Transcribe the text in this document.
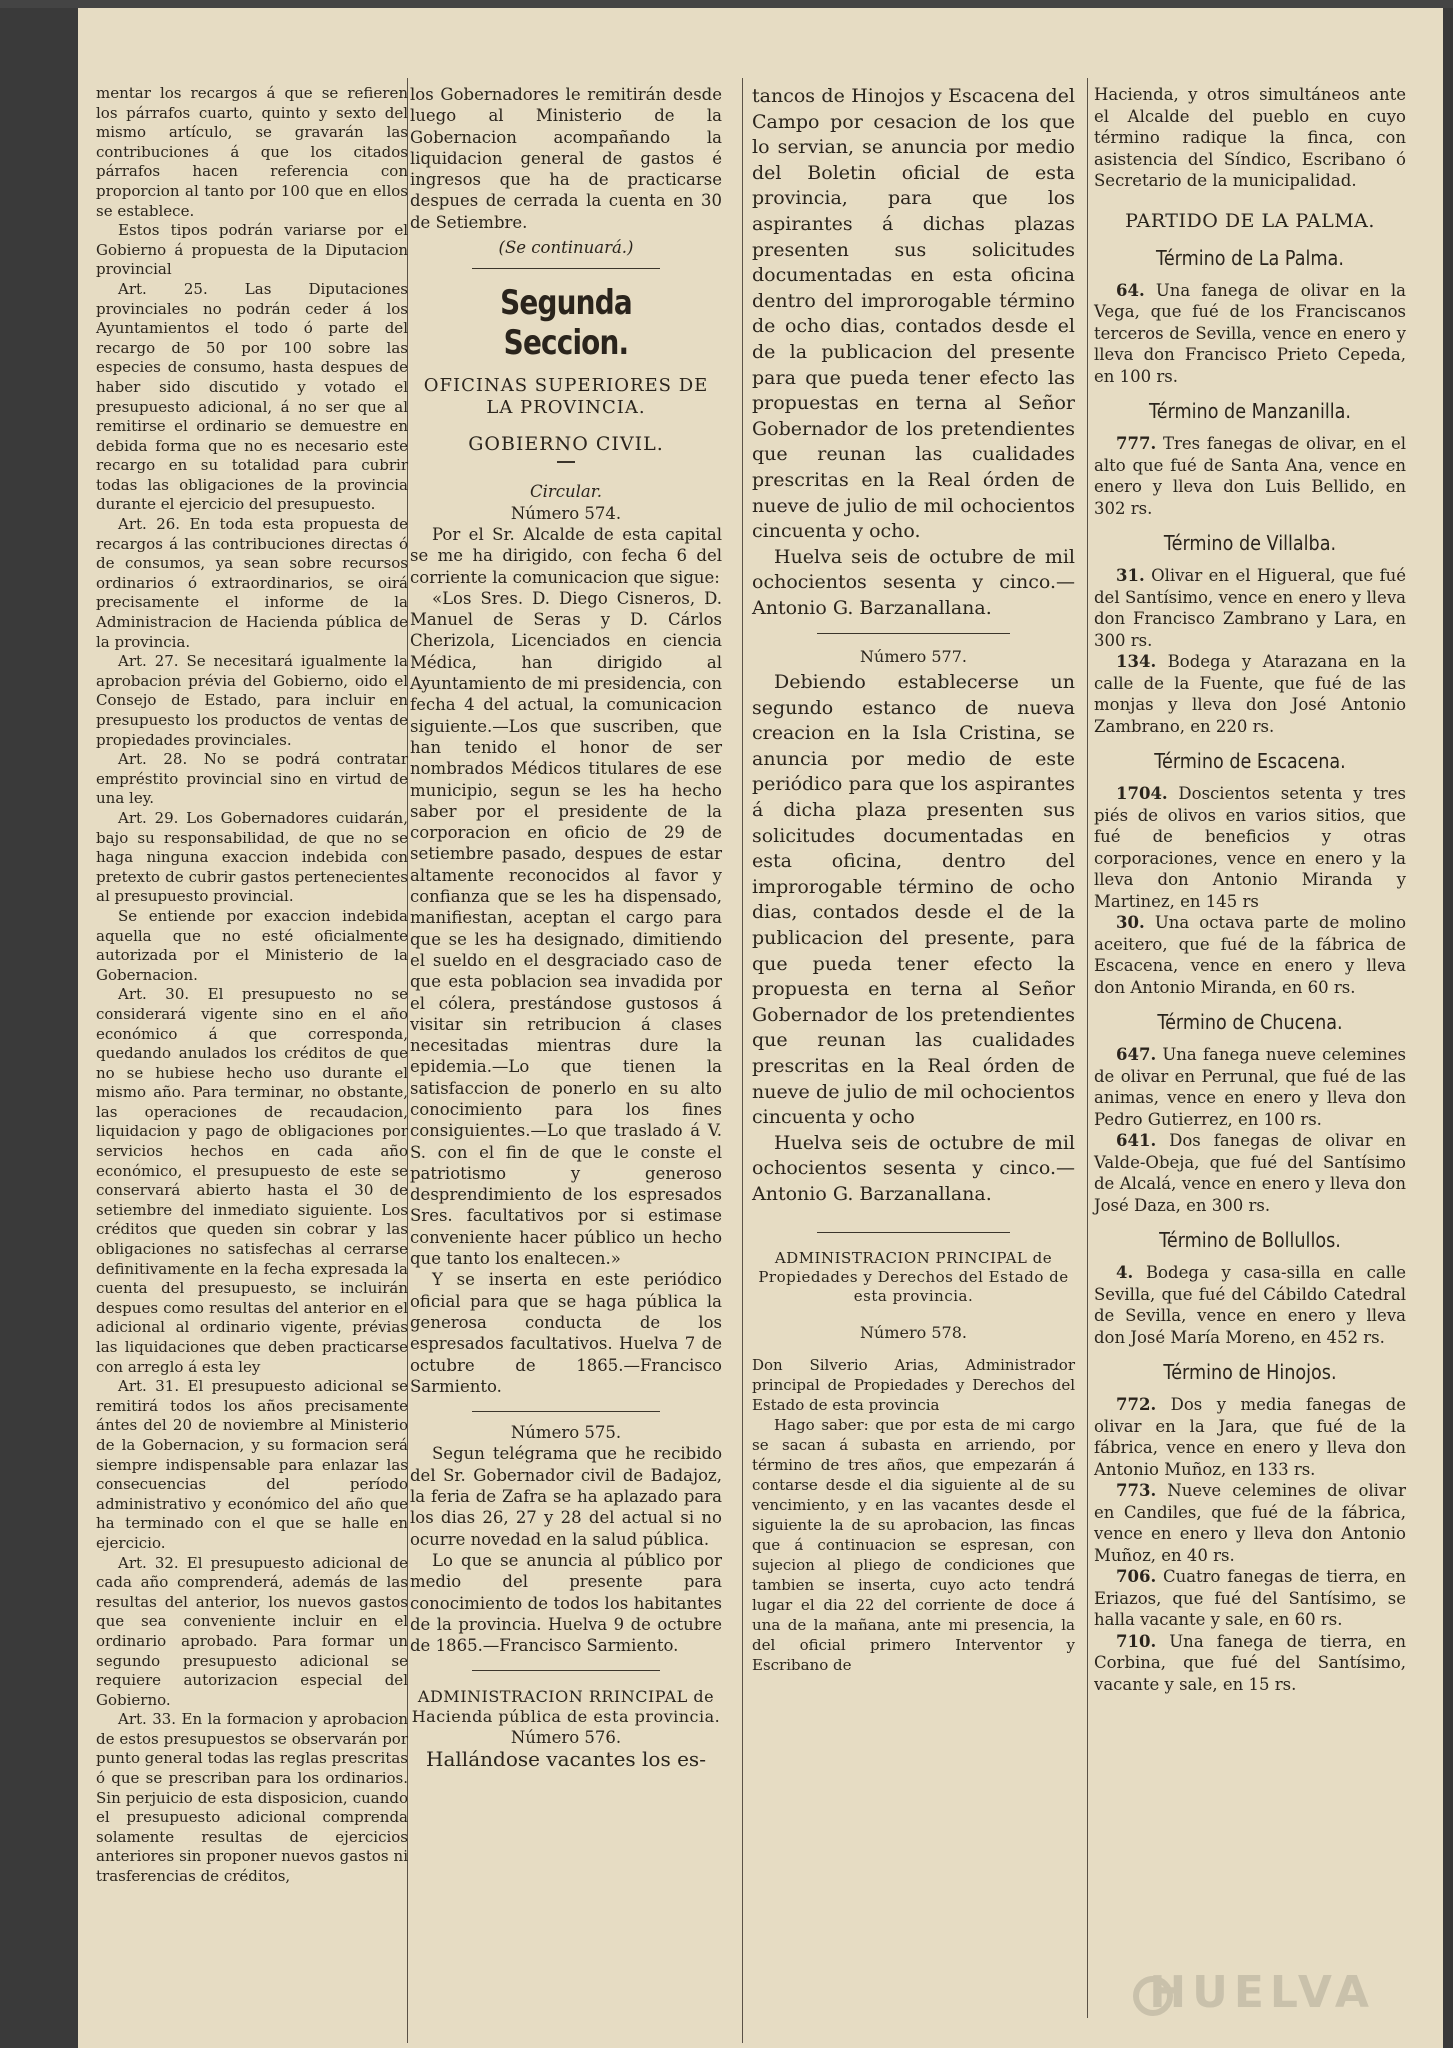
mentar los recargos á que se refieren los párrafos cuarto, quinto y sexto del mismo artículo, se gravarán las contribuciones á que los citados párrafos hacen referencia con proporcion al tanto por 100 que en ellos se establece.

Estos tipos podrán variarse por el Gobierno á propuesta de la Diputacion provincial

Art. 25. Las Diputaciones provinciales no podrán ceder á los Ayuntamientos el todo ó parte del recargo de 50 por 100 sobre las especies de consumo, hasta despues de haber sido discutido y votado el presupuesto adicional, á no ser que al remitirse el ordinario se demuestre en debida forma que no es necesario este recargo en su totalidad para cubrir todas las obligaciones de la provincia durante el ejercicio del presupuesto.

Art. 26. En toda esta propuesta de recargos á las contribuciones directas ó de consumos, ya sean sobre recursos ordinarios ó extraordinarios, se oirá precisamente el informe de la Administracion de Hacienda pública de la provincia.

Art. 27. Se necesitará igualmente la aprobacion prévia del Gobierno, oido el Consejo de Estado, para incluir en presupuesto los productos de ventas de propiedades provinciales.

Art. 28. No se podrá contratar empréstito provincial sino en virtud de una ley.

Art. 29. Los Gobernadores cuidarán, bajo su responsabilidad, de que no se haga ninguna exaccion indebida con pretexto de cubrir gastos pertenecientes al presupuesto provincial.

Se entiende por exaccion indebida aquella que no esté oficialmente autorizada por el Ministerio de la Gobernacion.

Art. 30. El presupuesto no se considerará vigente sino en el año económico á que corresponda, quedando anulados los créditos de que no se hubiese hecho uso durante el mismo año. Para terminar, no obstante, las operaciones de recaudacion, liquidacion y pago de obligaciones por servicios hechos en cada año económico, el presupuesto de este se conservará abierto hasta el 30 de setiembre del inmediato siguiente. Los créditos que queden sin cobrar y las obligaciones no satisfechas al cerrarse definitivamente en la fecha expresada la cuenta del presupuesto, se incluirán despues como resultas del anterior en el adicional al ordinario vigente, prévias las liquidaciones que deben practicarse con arreglo á esta ley

Art. 31. El presupuesto adicional se remitirá todos los años precisamente ántes del 20 de noviembre al Ministerio de la Gobernacion, y su formacion será siempre indispensable para enlazar las consecuencias del período administrativo y económico del año que ha terminado con el que se halle en ejercicio.

Art. 32. El presupuesto adicional de cada año comprenderá, además de las resultas del anterior, los nuevos gastos que sea conveniente incluir en el ordinario aprobado. Para formar un segundo presupuesto adicional se requiere autorizacion especial del Gobierno.

Art. 33. En la formacion y aprobacion de estos presupuestos se observarán por punto general todas las reglas prescritas ó que se prescriban para los ordinarios. Sin perjuicio de esta disposicion, cuando el presupuesto adicional comprenda solamente resultas de ejercicios anteriores sin proponer nuevos gastos ni trasferencias de créditos,

los Gobernadores le remitirán desde luego al Ministerio de la Gobernacion acompañando la liquidacion general de gastos é ingresos que ha de practicarse despues de cerrada la cuenta en 30 de Setiembre.

(Se continuará.)

Segunda Seccion.
OFICINAS SUPERIORES DE LA PROVINCIA.
GOBIERNO CIVIL.

Circular.

Número 574.

Por el Sr. Alcalde de esta capital se me ha dirigido, con fecha 6 del corriente la comunicacion que sigue:

«Los Sres. D. Diego Cisneros, D. Manuel de Seras y D. Cárlos Cherizola, Licenciados en ciencia Médica, han dirigido al Ayuntamiento de mi presidencia, con fecha 4 del actual, la comunicacion siguiente.—Los que suscriben, que han tenido el honor de ser nombrados Médicos titulares de ese municipio, segun se les ha hecho saber por el presidente de la corporacion en oficio de 29 de setiembre pasado, despues de estar altamente reconocidos al favor y confianza que se les ha dispensado, manifiestan, aceptan el cargo para que se les ha designado, dimitiendo el sueldo en el desgraciado caso de que esta poblacion sea invadida por el cólera, prestándose gustosos á visitar sin retribucion á clases necesitadas mientras dure la epidemia.—Lo que tienen la satisfaccion de ponerlo en su alto conocimiento para los fines consiguientes.—Lo que traslado á V. S. con el fin de que le conste el patriotismo y generoso desprendimiento de los espresados Sres. facultativos por si estimase conveniente hacer público un hecho que tanto los enaltecen.»

Y se inserta en este periódico oficial para que se haga pública la generosa conducta de los espresados facultativos. Huelva 7 de octubre de 1865.—Francisco Sarmiento.

Número 575.

Segun telégrama que he recibido del Sr. Gobernador civil de Badajoz, la feria de Zafra se ha aplazado para los dias 26, 27 y 28 del actual si no ocurre novedad en la salud pública.

Lo que se anuncia al público por medio del presente para conocimiento de todos los habitantes de la provincia. Huelva 9 de octubre de 1865.—Francisco Sarmiento.

ADMINISTRACION RRINCIPAL de Hacienda pública de esta provincia.

Número 576.

Hallándose vacantes los es-

tancos de Hinojos y Escacena del Campo por cesacion de los que lo servian, se anuncia por medio del Boletin oficial de esta provincia, para que los aspirantes á dichas plazas presenten sus solicitudes documentadas en esta oficina dentro del improrogable término de ocho dias, contados desde el de la publicacion del presente para que pueda tener efecto las propuestas en terna al Señor Gobernador de los pretendientes que reunan las cualidades prescritas en la Real órden de nueve de julio de mil ochocientos cincuenta y ocho.

Huelva seis de octubre de mil ochocientos sesenta y cinco.—Antonio G. Barzanallana.

Número 577.

Debiendo establecerse un segundo estanco de nueva creacion en la Isla Cristina, se anuncia por medio de este periódico para que los aspirantes á dicha plaza presenten sus solicitudes documentadas en esta oficina, dentro del improrogable término de ocho dias, contados desde el de la publicacion del presente, para que pueda tener efecto la propuesta en terna al Señor Gobernador de los pretendientes que reunan las cualidades prescritas en la Real órden de nueve de julio de mil ochocientos cincuenta y ocho

Huelva seis de octubre de mil ochocientos sesenta y cinco.—Antonio G. Barzanallana.

ADMINISTRACION PRINCIPAL de Propiedades y Derechos del Estado de esta provincia.

Número 578.

Don Silverio Arias, Administrador principal de Propiedades y Derechos del Estado de esta provincia

Hago saber: que por esta de mi cargo se sacan á subasta en arriendo, por término de tres años, que empezarán á contarse desde el dia siguiente al de su vencimiento, y en las vacantes desde el siguiente la de su aprobacion, las fincas que á continuacion se espresan, con sujecion al pliego de condiciones que tambien se inserta, cuyo acto tendrá lugar el dia 22 del corriente de doce á una de la mañana, ante mi presencia, la del oficial primero Interventor y Escribano de

Hacienda, y otros simultáneos ante el Alcalde del pueblo en cuyo término radique la finca, con asistencia del Síndico, Escribano ó Secretario de la municipalidad.

PARTIDO DE LA PALMA.
Término de La Palma.

64. Una fanega de olivar en la Vega, que fué de los Franciscanos terceros de Sevilla, vence en enero y lleva don Francisco Prieto Cepeda, en 100 rs.

Término de Manzanilla.

777. Tres fanegas de olivar, en el alto que fué de Santa Ana, vence en enero y lleva don Luis Bellido, en 302 rs.

Término de Villalba.

31. Olivar en el Higueral, que fué del Santísimo, vence en enero y lleva don Francisco Zambrano y Lara, en 300 rs.

134. Bodega y Atarazana en la calle de la Fuente, que fué de las monjas y lleva don José Antonio Zambrano, en 220 rs.

Término de Escacena.

1704. Doscientos setenta y tres piés de olivos en varios sitios, que fué de beneficios y otras corporaciones, vence en enero y la lleva don Antonio Miranda y Martinez, en 145 rs

30. Una octava parte de molino aceitero, que fué de la fábrica de Escacena, vence en enero y lleva don Antonio Miranda, en 60 rs.

Término de Chucena.

647. Una fanega nueve celemines de olivar en Perrunal, que fué de las animas, vence en enero y lleva don Pedro Gutierrez, en 100 rs.

641. Dos fanegas de olivar en Valde-Obeja, que fué del Santísimo de Alcalá, vence en enero y lleva don José Daza, en 300 rs.

Término de Bollullos.

4. Bodega y casa-silla en calle Sevilla, que fué del Cábildo Catedral de Sevilla, vence en enero y lleva don José María Moreno, en 452 rs.

Término de Hinojos.

772. Dos y media fanegas de olivar en la Jara, que fué de la fábrica, vence en enero y lleva don Antonio Muñoz, en 133 rs.

773. Nueve celemines de olivar en Candiles, que fué de la fábrica, vence en enero y lleva don Antonio Muñoz, en 40 rs.

706. Cuatro fanegas de tierra, en Eriazos, que fué del Santísimo, se halla vacante y sale, en 60 rs.

710. Una fanega de tierra, en Corbina, que fué del Santísimo, vacante y sale, en 15 rs.

HUELVA
